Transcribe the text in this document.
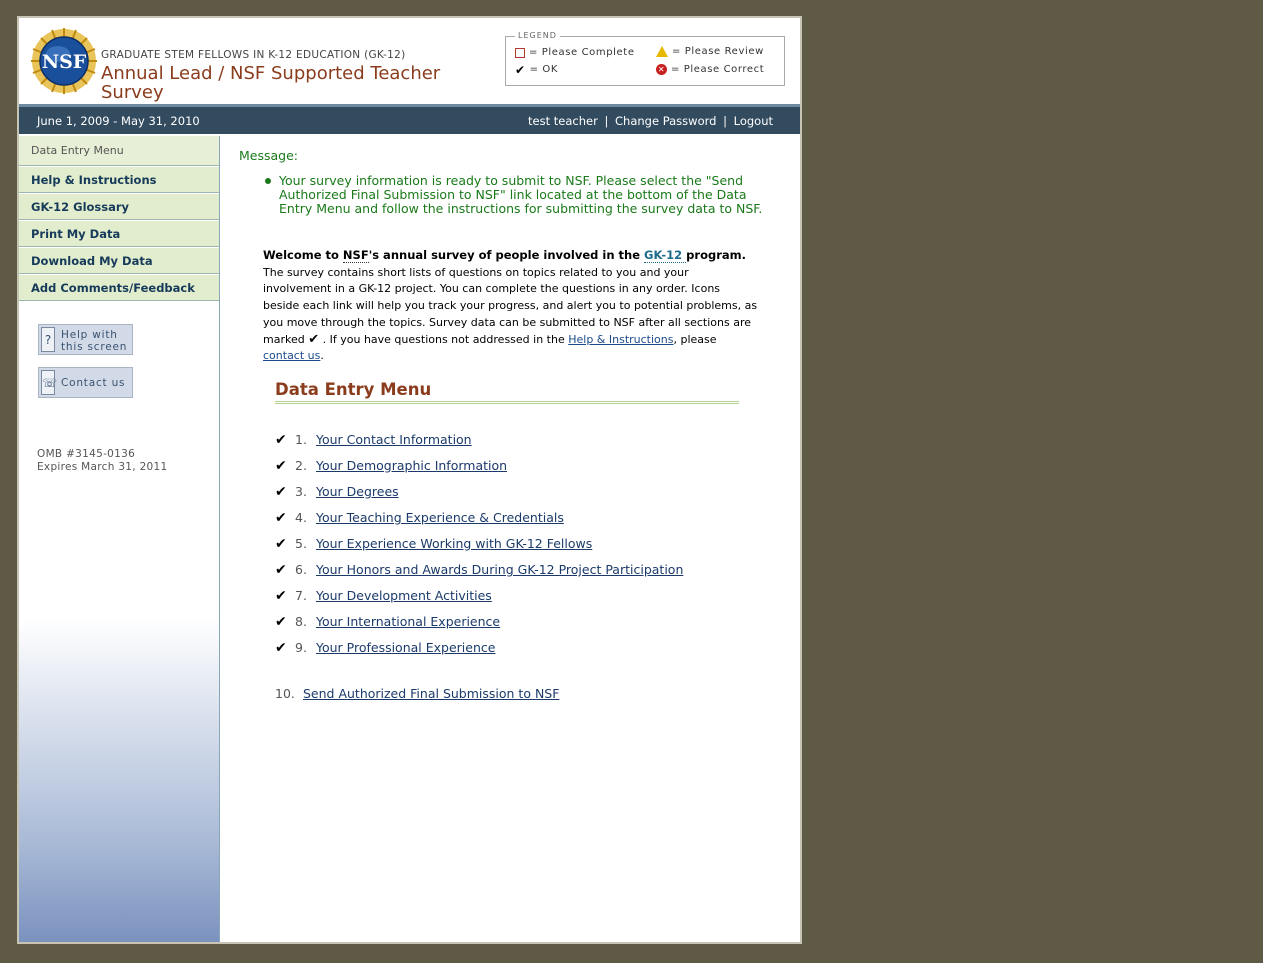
NSF GRADUATE STEM FELLOWS IN K-12 EDUCATION (GK-12)
Annual Lead / NSF Supported Teacher Survey
LEGEND
= Please Complete	= Please Review
✔ = OK	✕ = Please Correct
June 1, 2009 - May 31, 2010	test teacher | Change Password | Logout
Data Entry Menu
Help & Instructions
GK-12 Glossary
Print My Data
Download My Data
Add Comments/Feedback
? Help with
this screen
☏ Contact us
OMB #3145-0136
Expires March 31, 2011
Message:
Your survey information is ready to submit to NSF. Please select the "Send Authorized Final Submission to NSF" link located at the bottom of the Data Entry Menu and follow the instructions for submitting the survey data to NSF.
Welcome to NSF's annual survey of people involved in the GK-12 program.
The survey contains short lists of questions on topics related to you and your involvement in a GK-12 project. You can complete the questions in any order. Icons beside each link will help you track your progress, and alert you to potential problems, as you move through the topics. Survey data can be submitted to NSF after all sections are marked ✔ . If you have questions not addressed in the Help & Instructions, please contact us.
Data Entry Menu
✔ 1. Your Contact Information
✔ 2. Your Demographic Information
✔ 3. Your Degrees
✔ 4. Your Teaching Experience & Credentials
✔ 5. Your Experience Working with GK-12 Fellows
✔ 6. Your Honors and Awards During GK-12 Project Participation
✔ 7. Your Development Activities
✔ 8. Your International Experience
✔ 9. Your Professional Experience
10. Send Authorized Final Submission to NSF
